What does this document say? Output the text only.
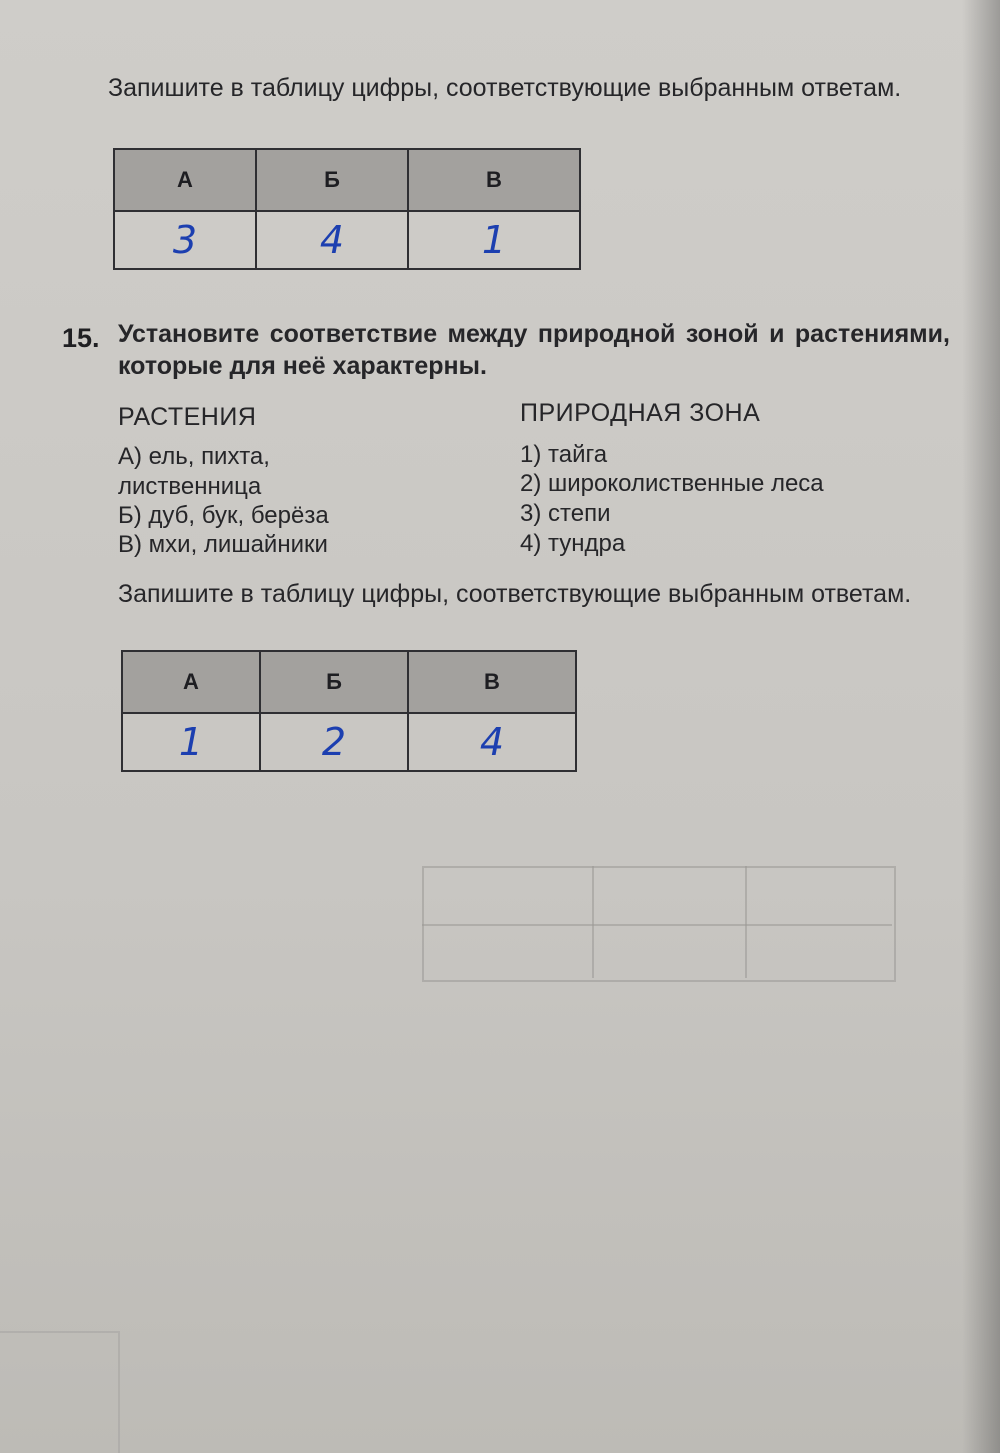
Запишите в таблицу цифры, соответствующие выбранным ответам.
А	Б	В
3	4	1
15. Установите соответствие между природной зоной и растениями, которые для неё характерны.
РАСТЕНИЯ
А) ель, пихта,
лиственница
Б) дуб, бук, берёза
В) мхи, лишайники
ПРИРОДНАЯ ЗОНА
1) тайга
2) широколиственные леса
3) степи
4) тундра
Запишите в таблицу цифры, соответствующие выбранным ответам.
А	Б	В
1	2	4
